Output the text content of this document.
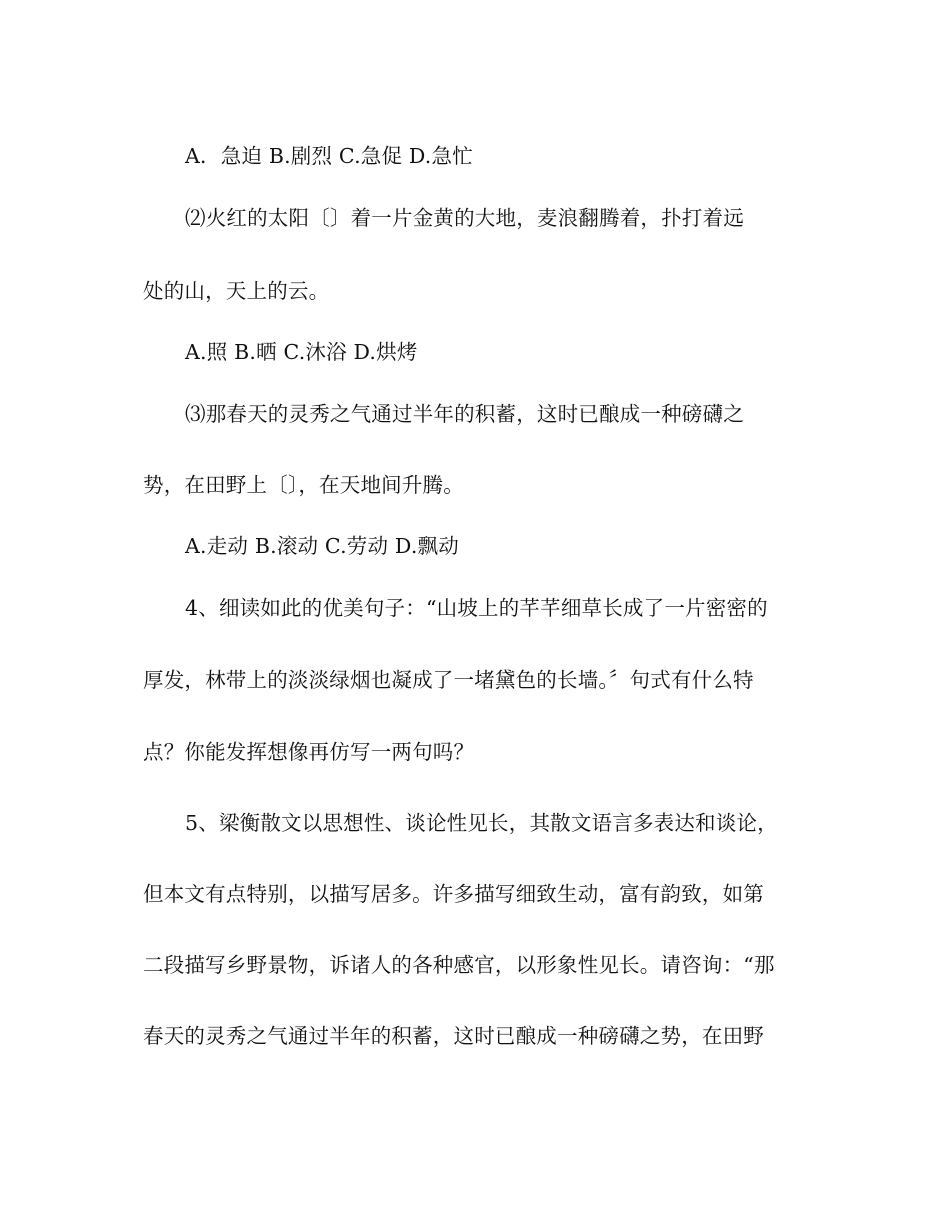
A．急迫 B.剧烈 C.急促 D.急忙
⑵火红的太阳〔〕着一片金黄的大地，麦浪翻腾着，扑打着远
处的山，天上的云。
A.照 B.晒 C.沐浴 D.烘烤
⑶那春天的灵秀之气通过半年的积蓄，这时已酿成一种磅礴之
势，在田野上〔〕，在天地间升腾。
A.走动 B.滚动 C.劳动 D.飘动
4、细读如此的优美句子：“山坡上的芊芊细草长成了一片密密的
厚发，林带上的淡淡绿烟也凝成了一堵黛色的长墙。〞句式有什么特
点？你能发挥想像再仿写一两句吗？
5、梁衡散文以思想性、谈论性见长，其散文语言多表达和谈论，
但本文有点特别，以描写居多。许多描写细致生动，富有韵致，如第
二段描写乡野景物，诉诸人的各种感官，以形象性见长。请咨询：“那
春天的灵秀之气通过半年的积蓄，这时已酿成一种磅礴之势，在田野
